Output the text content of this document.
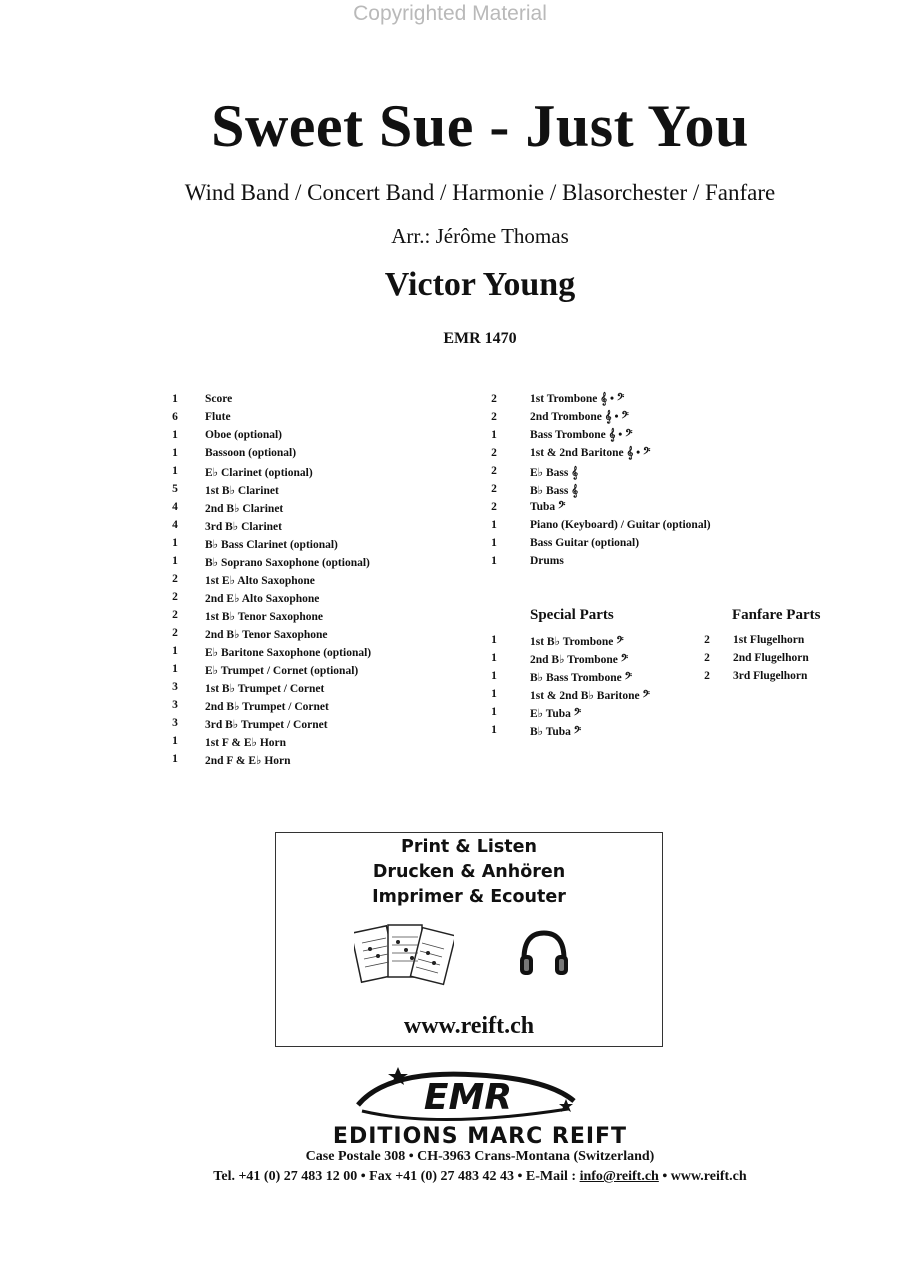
Copyrighted Material
Sweet Sue - Just You
Wind Band / Concert Band / Harmonie / Blasorchester / Fanfare
Arr.: Jérôme Thomas
Victor Young
EMR 1470
1	Score
6	Flute
1	Oboe (optional)
1	Bassoon (optional)
1	E♭ Clarinet (optional)
5	1st B♭ Clarinet
4	2nd B♭ Clarinet
4	3rd B♭ Clarinet
1	B♭ Bass Clarinet (optional)
1	B♭ Soprano Saxophone (optional)
2	1st E♭ Alto Saxophone
2	2nd E♭ Alto Saxophone
2	1st B♭ Tenor Saxophone
2	2nd B♭ Tenor Saxophone
1	E♭ Baritone Saxophone (optional)
1	E♭ Trumpet / Cornet (optional)
3	1st B♭ Trumpet / Cornet
3	2nd B♭ Trumpet / Cornet
3	3rd B♭ Trumpet / Cornet
1	1st F & E♭ Horn
1	2nd F & E♭ Horn
2	1st Trombone 𝄞 • 𝄢
2	2nd Trombone 𝄞 • 𝄢
1	Bass Trombone 𝄞 • 𝄢
2	1st & 2nd Baritone 𝄞 • 𝄢
2	E♭ Bass 𝄞
2	B♭ Bass 𝄞
2	Tuba 𝄢
1	Piano (Keyboard) / Guitar (optional)
1	Bass Guitar (optional)
1	Drums
Special Parts
1	1st B♭ Trombone 𝄢
1	2nd B♭ Trombone 𝄢
1	B♭ Bass Trombone 𝄢
1	1st & 2nd B♭ Baritone 𝄢
1	E♭ Tuba 𝄢
1	B♭ Tuba 𝄢
Fanfare Parts
2	1st Flugelhorn
2	2nd Flugelhorn
2	3rd Flugelhorn
Print & Listen
Drucken & Anhören
Imprimer & Ecouter
www.reift.ch
EMR
EDITIONS MARC REIFT
Case Postale 308 • CH-3963 Crans-Montana (Switzerland)
Tel. +41 (0) 27 483 12 00 • Fax +41 (0) 27 483 42 43 • E-Mail : info@reift.ch • www.reift.ch
